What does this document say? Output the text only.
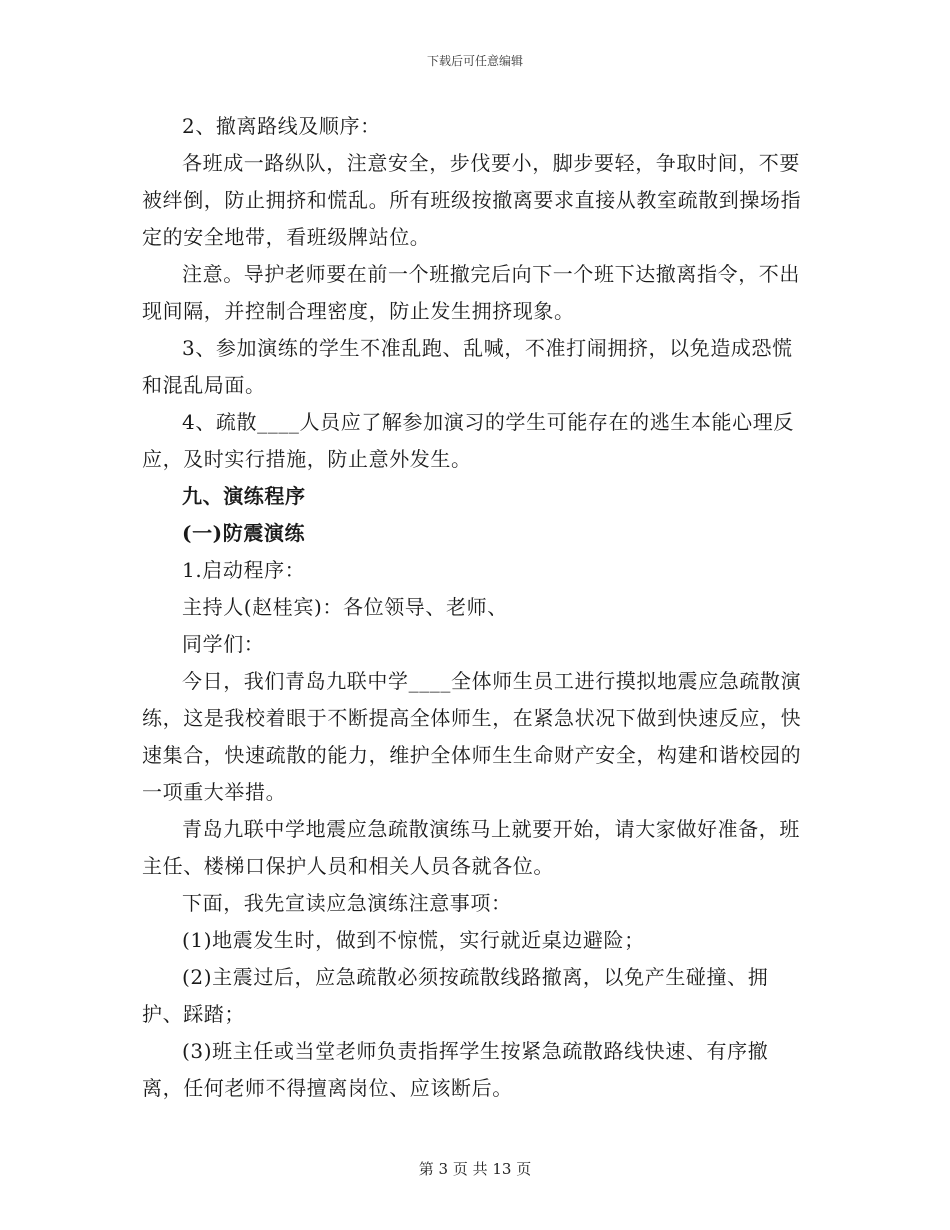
下载后可任意编辑

2、撤离路线及顺序：

各班成一路纵队，注意安全，步伐要小，脚步要轻，争取时间，不要被绊倒，防止拥挤和慌乱。所有班级按撤离要求直接从教室疏散到操场指定的安全地带，看班级牌站位。

注意。导护老师要在前一个班撤完后向下一个班下达撤离指令，不出现间隔，并控制合理密度，防止发生拥挤现象。

3、参加演练的学生不准乱跑、乱喊，不准打闹拥挤，以免造成恐慌和混乱局面。

4、疏散____人员应了解参加演习的学生可能存在的逃生本能心理反应，及时实行措施，防止意外发生。

九、演练程序

(一)防震演练

1.启动程序：

主持人(赵桂宾)：各位领导、老师、

同学们：

今日，我们青岛九联中学____全体师生员工进行摸拟地震应急疏散演练，这是我校着眼于不断提高全体师生，在紧急状况下做到快速反应，快速集合，快速疏散的能力，维护全体师生生命财产安全，构建和谐校园的一项重大举措。

青岛九联中学地震应急疏散演练马上就要开始，请大家做好准备，班主任、楼梯口保护人员和相关人员各就各位。

下面，我先宣读应急演练注意事项：

(1)地震发生时，做到不惊慌，实行就近桌边避险；

(2)主震过后，应急疏散必须按疏散线路撤离，以免产生碰撞、拥护、踩踏；

(3)班主任或当堂老师负责指挥学生按紧急疏散路线快速、有序撤离，任何老师不得擅离岗位、应该断后。

第 3 页 共 13 页
